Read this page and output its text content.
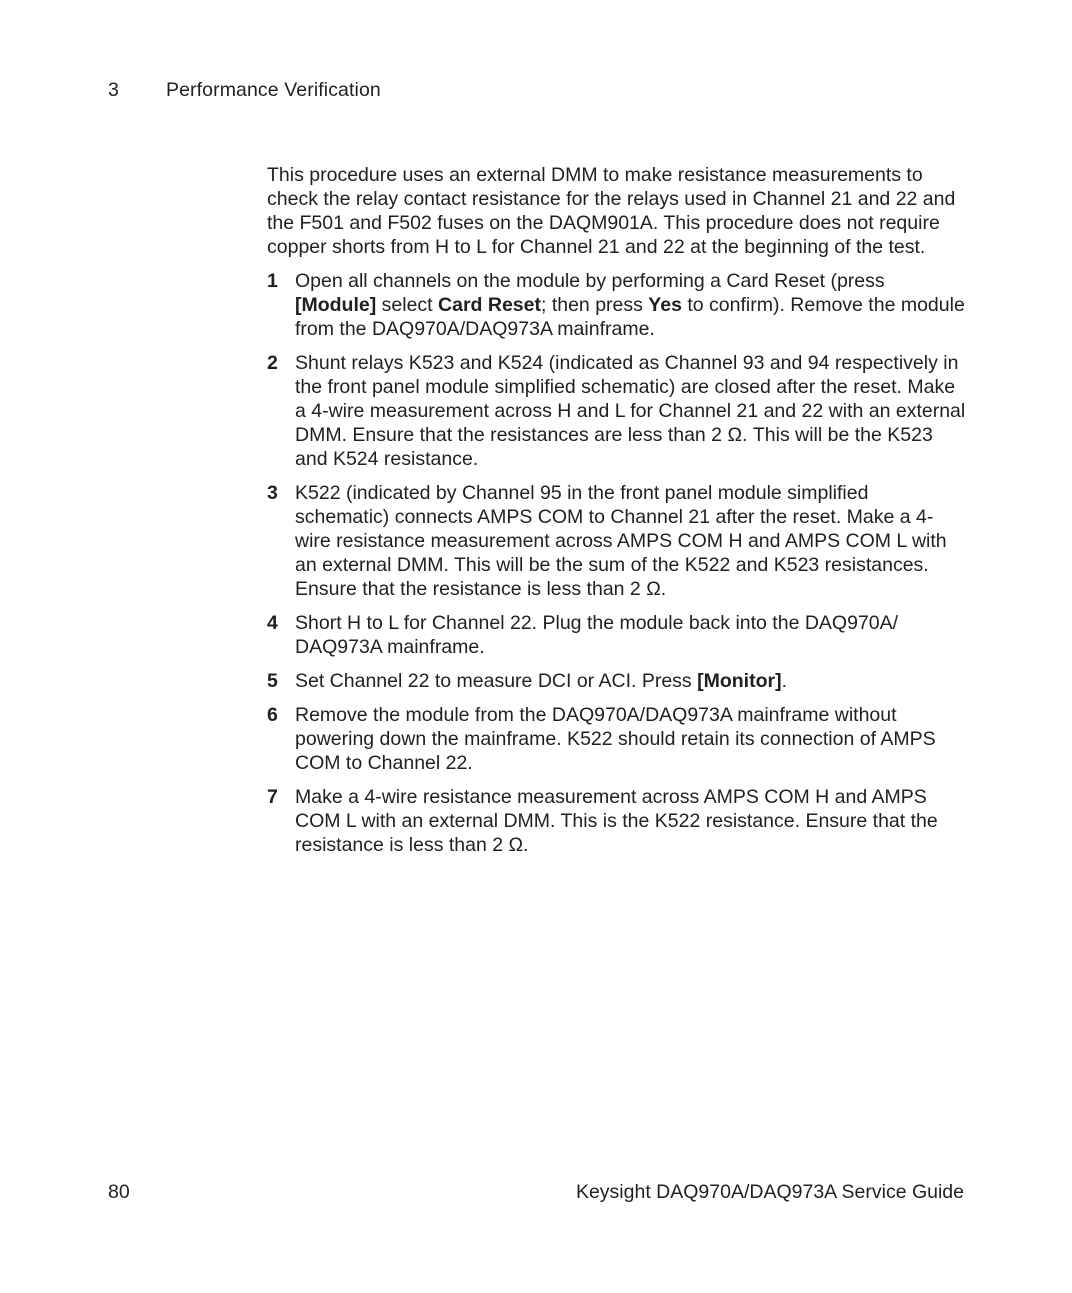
3 Performance Verification

This procedure uses an external DMM to make resistance measurements to check the relay contact resistance for the relays used in Channel 21 and 22 and the F501 and F502 fuses on the DAQM901A. This procedure does not require copper shorts from H to L for Channel 21 and 22 at the beginning of the test.

1 Open all channels on the module by performing a Card Reset (press [Module] select Card Reset; then press Yes to confirm). Remove the module from the DAQ970A/DAQ973A mainframe.
2 Shunt relays K523 and K524 (indicated as Channel 93 and 94 respectively in the front panel module simplified schematic) are closed after the reset. Make a 4-wire measurement across H and L for Channel 21 and 22 with an external DMM. Ensure that the resistances are less than 2 Ω. This will be the K523 and K524 resistance.
3 K522 (indicated by Channel 95 in the front panel module simplified schematic) connects AMPS COM to Channel 21 after the reset. Make a 4-wire resistance measurement across AMPS COM H and AMPS COM L with an external DMM. This will be the sum of the K522 and K523 resistances. Ensure that the resistance is less than 2 Ω.
4 Short H to L for Channel 22. Plug the module back into the DAQ970A/ DAQ973A mainframe.
5 Set Channel 22 to measure DCI or ACI. Press [Monitor].
6 Remove the module from the DAQ970A/DAQ973A mainframe without powering down the mainframe. K522 should retain its connection of AMPS COM to Channel 22.
7 Make a 4-wire resistance measurement across AMPS COM H and AMPS COM L with an external DMM. This is the K522 resistance. Ensure that the resistance is less than 2 Ω.
80	Keysight DAQ970A/DAQ973A Service Guide
